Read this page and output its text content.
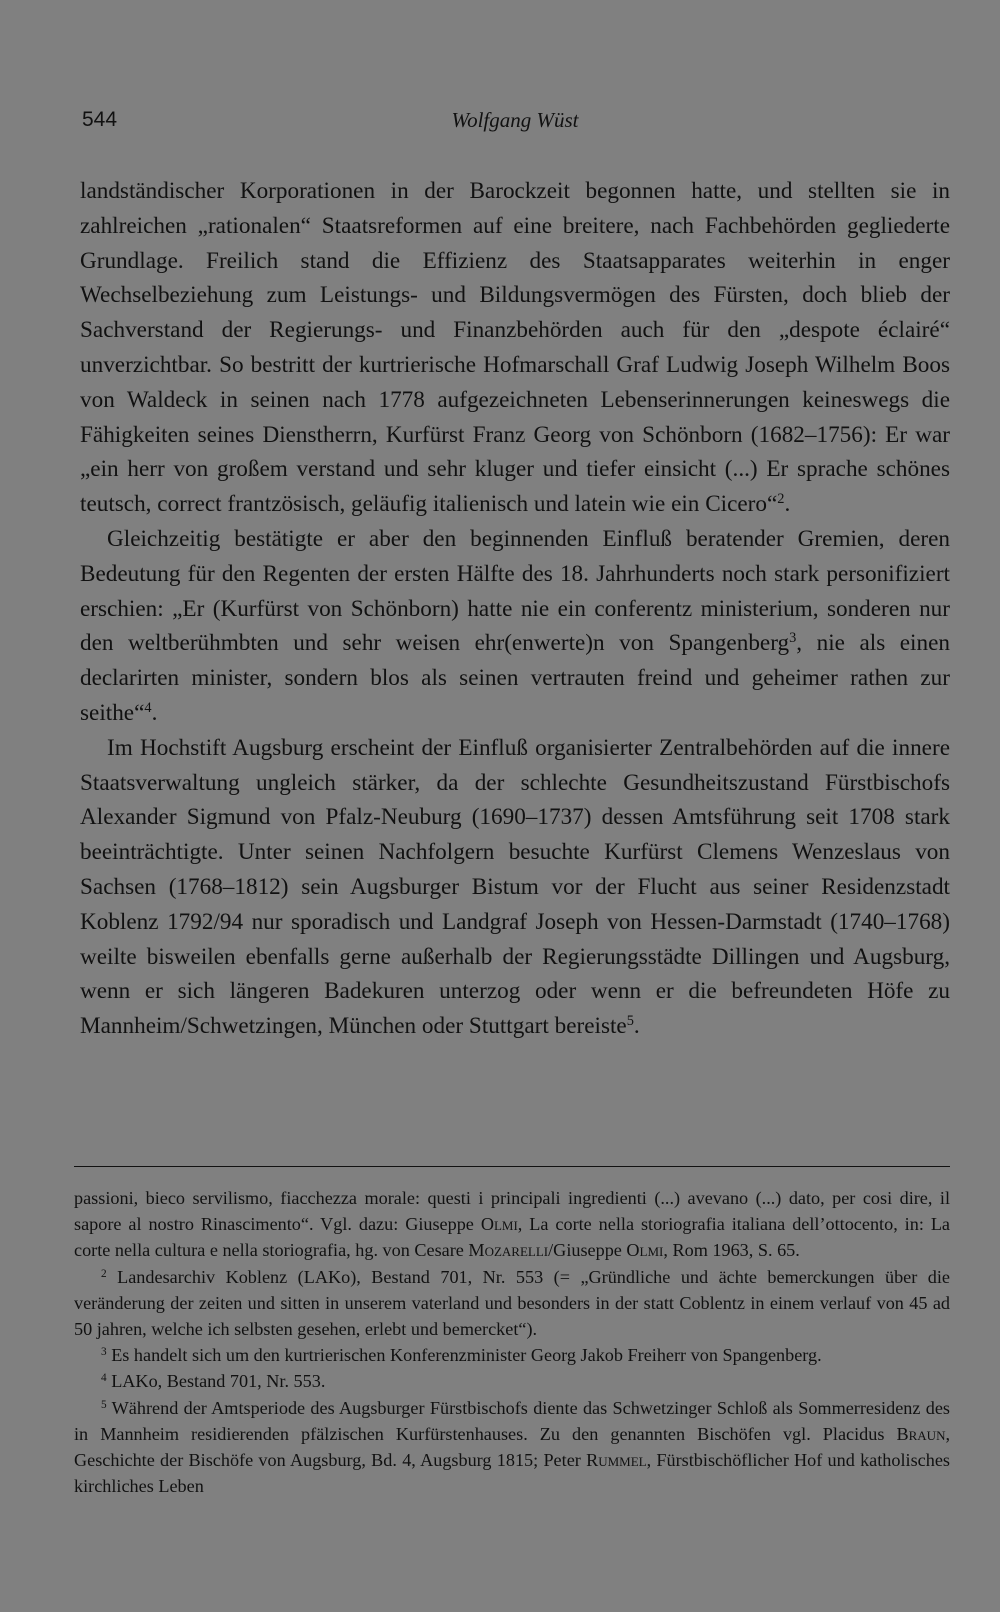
544	Wolfgang Wüst

landständischer Korporationen in der Barockzeit begonnen hatte, und stellten sie in zahlreichen „rationalen“ Staatsreformen auf eine breitere, nach Fachbehörden gegliederte Grundlage. Freilich stand die Effizienz des Staatsapparates weiterhin in enger Wechselbeziehung zum Leistungs- und Bildungsvermögen des Fürsten, doch blieb der Sachverstand der Regierungs- und Finanzbehörden auch für den „despote éclairé“ unverzichtbar. So bestritt der kurtrierische Hofmarschall Graf Ludwig Joseph Wilhelm Boos von Waldeck in seinen nach 1778 aufgezeichneten Lebenserinnerungen keineswegs die Fähigkeiten seines Dienstherrn, Kurfürst Franz Georg von Schönborn (1682–1756): Er war „ein herr von großem verstand und sehr kluger und tiefer einsicht (...) Er sprache schönes teutsch, correct frantzösisch, geläufig italienisch und latein wie ein Cicero“$^2$.

Gleichzeitig bestätigte er aber den beginnenden Einfluß beratender Gremien, deren Bedeutung für den Regenten der ersten Hälfte des 18. Jahrhunderts noch stark personifiziert erschien: „Er (Kurfürst von Schönborn) hatte nie ein conferentz ministerium, sonderen nur den weltberühmbten und sehr weisen ehr(enwerte)n von Spangenberg$^3$, nie als einen declarirten minister, sondern blos als seinen vertrauten freind und geheimer rathen zur seithe“$^4$.

Im Hochstift Augsburg erscheint der Einfluß organisierter Zentralbehörden auf die innere Staatsverwaltung ungleich stärker, da der schlechte Gesundheitszustand Fürstbischofs Alexander Sigmund von Pfalz-Neuburg (1690–1737) dessen Amtsführung seit 1708 stark beeinträchtigte. Unter seinen Nachfolgern besuchte Kurfürst Clemens Wenzeslaus von Sachsen (1768–1812) sein Augsburger Bistum vor der Flucht aus seiner Residenzstadt Koblenz 1792/94 nur sporadisch und Landgraf Joseph von Hessen-Darmstadt (1740–1768) weilte bisweilen ebenfalls gerne außerhalb der Regierungsstädte Dillingen und Augsburg, wenn er sich längeren Badekuren unterzog oder wenn er die befreundeten Höfe zu Mannheim/Schwetzingen, München oder Stuttgart bereiste$^5$.

passioni, bieco servilismo, fiacchezza morale: questi i principali ingredienti (...) avevano (...) dato, per cosi dire, il sapore al nostro Rinascimento“. Vgl. dazu: Giuseppe Olmi, La corte nella storiografia italiana dell’ottocento, in: La corte nella cultura e nella storiografia, hg. von Cesare Mozarelli/Giuseppe Olmi, Rom 1963, S. 65.

$^2$ Landesarchiv Koblenz (LAKo), Bestand 701, Nr. 553 (= „Gründliche und ächte bemerckungen über die veränderung der zeiten und sitten in unserem vaterland und besonders in der statt Coblentz in einem verlauf von 45 ad 50 jahren, welche ich selbsten gesehen, erlebt und bemercket“).

$^3$ Es handelt sich um den kurtrierischen Konferenzminister Georg Jakob Freiherr von Spangenberg.

$^4$ LAKo, Bestand 701, Nr. 553.

$^5$ Während der Amtsperiode des Augsburger Fürstbischofs diente das Schwetzinger Schloß als Sommerresidenz des in Mannheim residierenden pfälzischen Kurfürstenhauses. Zu den genannten Bischöfen vgl. Placidus Braun, Geschichte der Bischöfe von Augsburg, Bd. 4, Augsburg 1815; Peter Rummel, Fürstbischöflicher Hof und katholisches kirchliches Leben
